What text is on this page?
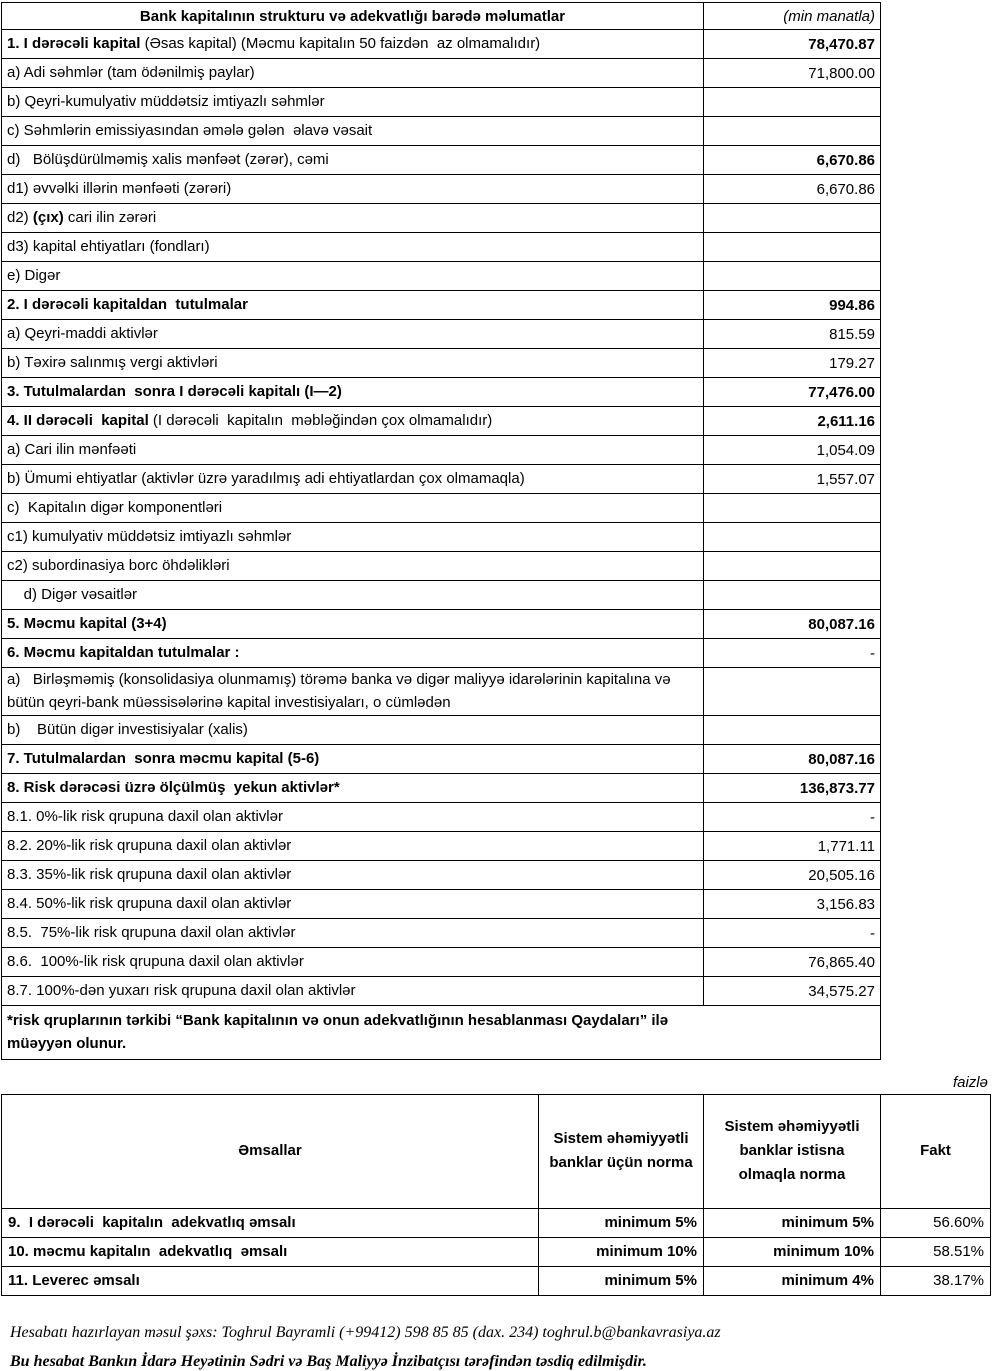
Bank kapitalının strukturu və adekvatlığı barədə məlumatlar	(min manatla)
1. I dərəcəli kapital (Əsas kapital) (Məcmu kapitalın 50 faizdən  az olmamalıdır)	78,470.87
a) Adi səhmlər (tam ödənilmiş paylar)	71,800.00
b) Qeyri-kumulyativ müddətsiz imtiyazlı səhmlər	
c) Səhmlərin emissiyasından əmələ gələn  əlavə vəsait	
d)   Bölüşdürülməmiş xalis mənfəət (zərər), cəmi	6,670.86
d1) əvvəlki illərin mənfəəti (zərəri)	6,670.86
d2) (çıx) cari ilin zərəri	
d3) kapital ehtiyatları (fondları)	
e) Digər	
2. I dərəcəli kapitaldan  tutulmalar	994.86
a) Qeyri-maddi aktivlər	815.59
b) Təxirə salınmış vergi aktivləri	179.27
3. Tutulmalardan  sonra I dərəcəli kapitalı (I—2)	77,476.00
4. II dərəcəli  kapital (I dərəcəli  kapitalın  məbləğindən çox olmamalıdır)	2,611.16
a) Cari ilin mənfəəti	1,054.09
b) Ümumi ehtiyatlar (aktivlər üzrə yaradılmış adi ehtiyatlardan çox olmamaqla)	1,557.07
c)  Kapitalın digər komponentləri	
c1) kumulyativ müddətsiz imtiyazlı səhmlər	
c2) subordinasiya borc öhdəlikləri	
d) Digər vəsaitlər	
5. Məcmu kapital (3+4)	80,087.16
6. Məcmu kapitaldan tutulmalar :	-
a)   Birləşməmiş (konsolidasiya olunmamış) törəmə banka və digər maliyyə idarələrinin kapitalına və bütün qeyri-bank müəssisələrinə kapital investisiyaları, o cümlədən	
b)    Bütün digər investisiyalar (xalis)	
7. Tutulmalardan  sonra məcmu kapital (5-6)	80,087.16
8. Risk dərəcəsi üzrə ölçülmüş  yekun aktivlər*	136,873.77
8.1. 0%-lik risk qrupuna daxil olan aktivlər	-
8.2. 20%-lik risk qrupuna daxil olan aktivlər	1,771.11
8.3. 35%-lik risk qrupuna daxil olan aktivlər	20,505.16
8.4. 50%-lik risk qrupuna daxil olan aktivlər	3,156.83
8.5.  75%-lik risk qrupuna daxil olan aktivlər	-
8.6.  100%-lik risk qrupuna daxil olan aktivlər	76,865.40
8.7. 100%-dən yuxarı risk qrupuna daxil olan aktivlər	34,575.27

*risk qruplarının tərkibi “Bank kapitalının və onun adekvatlığının hesablanması Qaydaları” ilə müəyyən olunur.	
faizlə
Əmsallar	Sistem əhəmiyyətli banklar üçün norma	Sistem əhəmiyyətli banklar istisna olmaqla norma	Fakt
9.  I dərəcəli  kapitalın  adekvatlıq əmsalı	minimum 5%	minimum 5%	56.60%
10. məcmu kapitalın  adekvatlıq  əmsalı	minimum 10%	minimum 10%	58.51%
11. Leverec əmsalı	minimum 5%	minimum 4%	38.17%

Hesabatı hazırlayan məsul şəxs: Toghrul Bayramli (+99412) 598 85 85 (dax. 234) toghrul.b@bankavrasiya.az

Bu hesabat Bankın İdarə Heyətinin Sədri və Baş Maliyyə İnzibatçısı tərəfindən təsdiq edilmişdir.
